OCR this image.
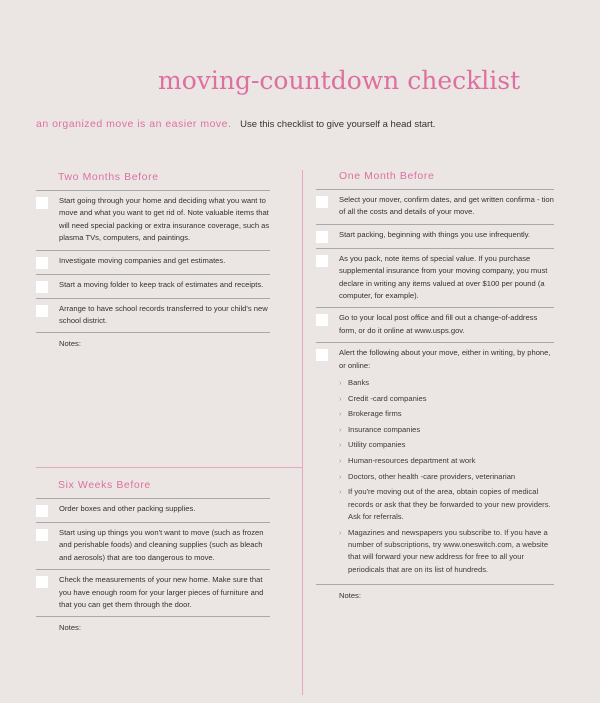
moving-countdown checklist
an organized move is an easier move. Use this checklist to give yourself a head start.
Two Months Before
Start going through your home and deciding what you want to move and what you want to get rid of. Note valuable items that will need special packing or extra insurance coverage, such as plasma TVs, computers, and paintings.
Investigate moving companies and get estimates.
Start a moving folder to keep track of estimates and receipts.
Arrange to have school records transferred to your child's new school district.
Notes:
Six Weeks Before
Order boxes and other packing supplies.
Start using up things you won't want to move (such as frozen and perishable foods) and cleaning supplies (such as bleach and aerosols) that are too dangerous to move.
Check the measurements of your new home. Make sure that you have enough room for your larger pieces of furniture and that you can get them through the door.
Notes:
One Month Before
Select your mover, confirm dates, and get written confirma - tion of all the costs and details of your move.
Start packing, beginning with things you use infrequently.
As you pack, note items of special value. If you purchase supplemental insurance from your moving company, you must declare in writing any items valued at over $100 per pound (a computer, for example).
Go to your local post office and fill out a change-of-address form, or do it online at www.usps.gov.
Alert the following about your move, either in writing, by phone, or online:
› Banks
› Credit -card companies
› Brokerage firms
› Insurance companies
› Utility companies
› Human-resources department at work
› Doctors, other health -care providers, veterinarian
› If you're moving out of the area, obtain copies of medical records or ask that they be forwarded to your new providers. Ask for referrals.
› Magazines and newspapers you subscribe to. If you have a number of subscriptions, try www.oneswitch.com, a website that will forward your new address for free to all your periodicals that are on its list of hundreds.
Notes:
